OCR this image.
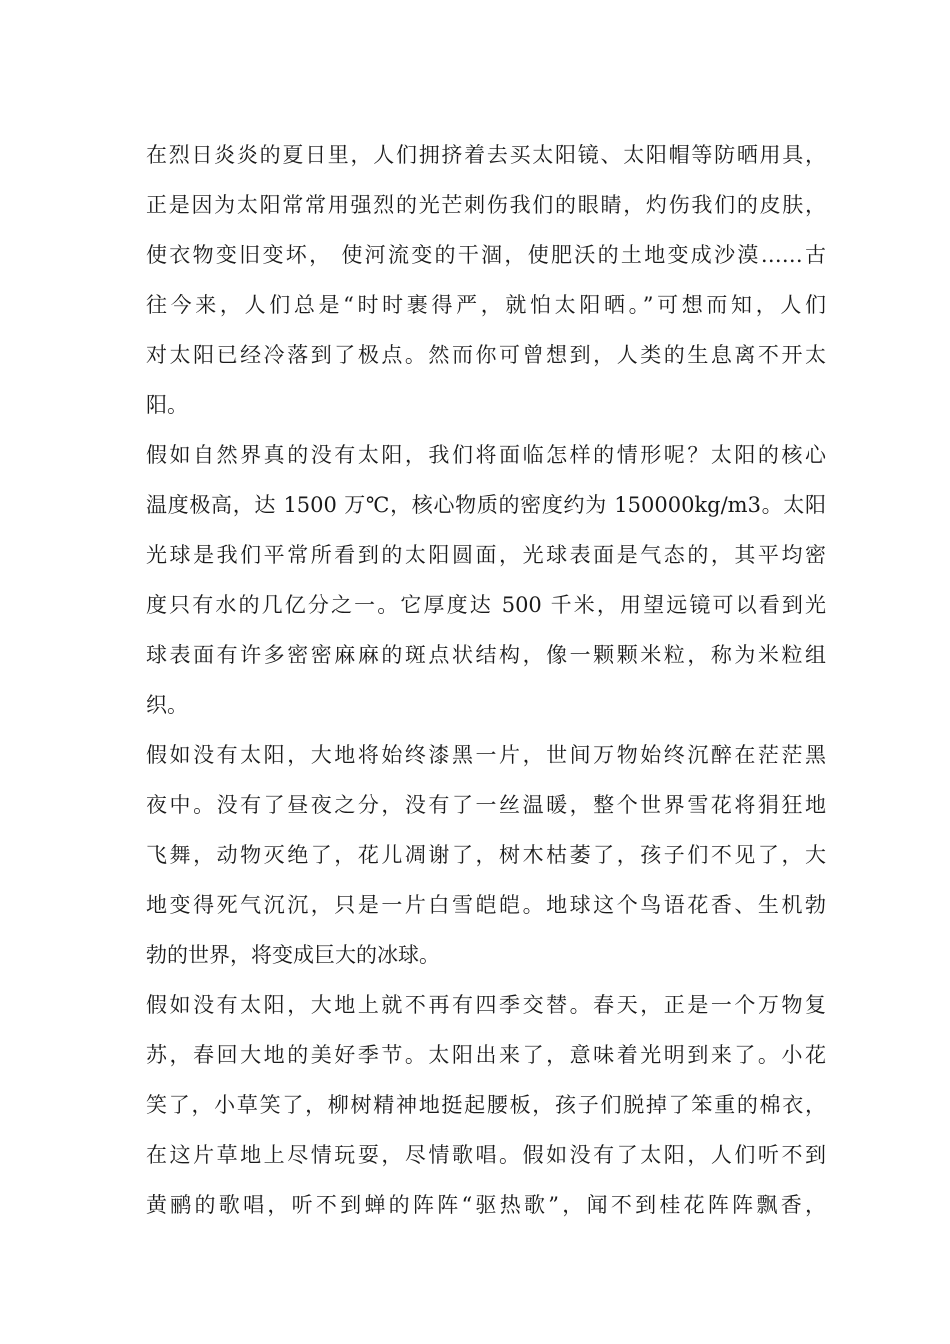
在烈日炎炎的夏日里，人们拥挤着去买太阳镜、太阳帽等防晒用具，
正是因为太阳常常用强烈的光芒刺伤我们的眼睛，灼伤我们的皮肤，
使衣物变旧变坏， 使河流变的干涸，使肥沃的土地变成沙漠……古
往今来，人们总是“时时裹得严，就怕太阳晒。”可想而知，人们
对太阳已经冷落到了极点。然而你可曾想到，人类的生息离不开太
阳。
假如自然界真的没有太阳，我们将面临怎样的情形呢？太阳的核心
温度极高，达 1500 万℃，核心物质的密度约为 150000kg/m3。太阳
光球是我们平常所看到的太阳圆面，光球表面是气态的，其平均密
度只有水的几亿分之一。它厚度达 500 千米，用望远镜可以看到光
球表面有许多密密麻麻的斑点状结构，像一颗颗米粒，称为米粒组
织。
假如没有太阳，大地将始终漆黑一片，世间万物始终沉醉在茫茫黑
夜中。没有了昼夜之分，没有了一丝温暖，整个世界雪花将狷狂地
飞舞，动物灭绝了，花儿凋谢了，树木枯萎了，孩子们不见了，大
地变得死气沉沉，只是一片白雪皑皑。地球这个鸟语花香、生机勃
勃的世界，将变成巨大的冰球。
假如没有太阳，大地上就不再有四季交替。春天，正是一个万物复
苏，春回大地的美好季节。太阳出来了，意味着光明到来了。小花
笑了，小草笑了，柳树精神地挺起腰板，孩子们脱掉了笨重的棉衣，
在这片草地上尽情玩耍，尽情歌唱。假如没有了太阳，人们听不到
黄鹂的歌唱，听不到蝉的阵阵“驱热歌”，闻不到桂花阵阵飘香，
